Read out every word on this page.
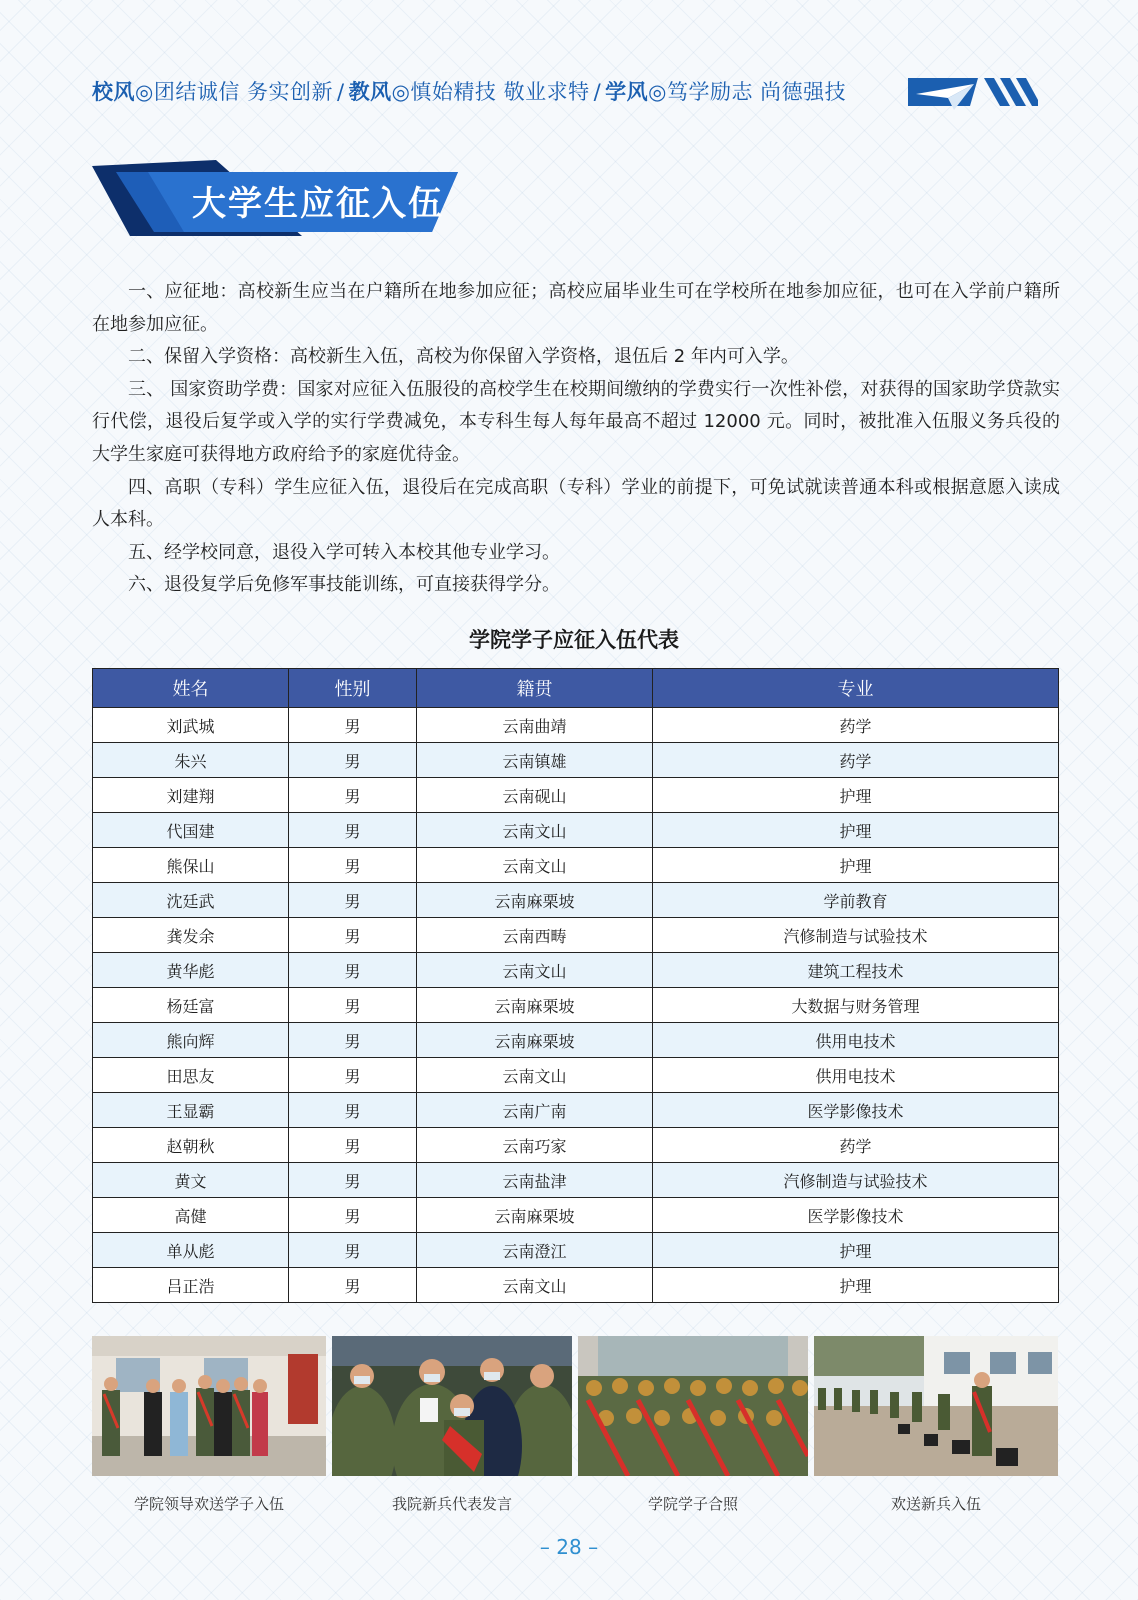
校风◎团结诚信 务实创新 / 教风◎慎始精技 敬业求特 / 学风◎笃学励志 尚德强技
大学生应征入伍

一、应征地：高校新生应当在户籍所在地参加应征；高校应届毕业生可在学校所在地参加应征，也可在入学前户籍所在地参加应征。

二、保留入学资格：高校新生入伍，高校为你保留入学资格，退伍后 2 年内可入学。

三、 国家资助学费：国家对应征入伍服役的高校学生在校期间缴纳的学费实行一次性补偿，对获得的国家助学贷款实行代偿，退役后复学或入学的实行学费减免，本专科生每人每年最高不超过 12000 元。同时，被批准入伍服义务兵役的大学生家庭可获得地方政府给予的家庭优待金。

四、高职（专科）学生应征入伍，退役后在完成高职（专科）学业的前提下，可免试就读普通本科或根据意愿入读成人本科。

五、经学校同意，退役入学可转入本校其他专业学习。

六、退役复学后免修军事技能训练，可直接获得学分。

学院学子应征入伍代表
姓名	性别	籍贯	专业
刘武城	男	云南曲靖	药学
朱兴	男	云南镇雄	药学
刘建翔	男	云南砚山	护理
代国建	男	云南文山	护理
熊保山	男	云南文山	护理
沈廷武	男	云南麻栗坡	学前教育
龚发余	男	云南西畴	汽修制造与试验技术
黄华彪	男	云南文山	建筑工程技术
杨廷富	男	云南麻栗坡	大数据与财务管理
熊向辉	男	云南麻栗坡	供用电技术
田思友	男	云南文山	供用电技术
王显霸	男	云南广南	医学影像技术
赵朝秋	男	云南巧家	药学
黄文	男	云南盐津	汽修制造与试验技术
高健	男	云南麻栗坡	医学影像技术
单从彪	男	云南澄江	护理
吕正浩	男	云南文山	护理
学院领导欢送学子入伍	我院新兵代表发言	学院学子合照	欢送新兵入伍
– 28 –
